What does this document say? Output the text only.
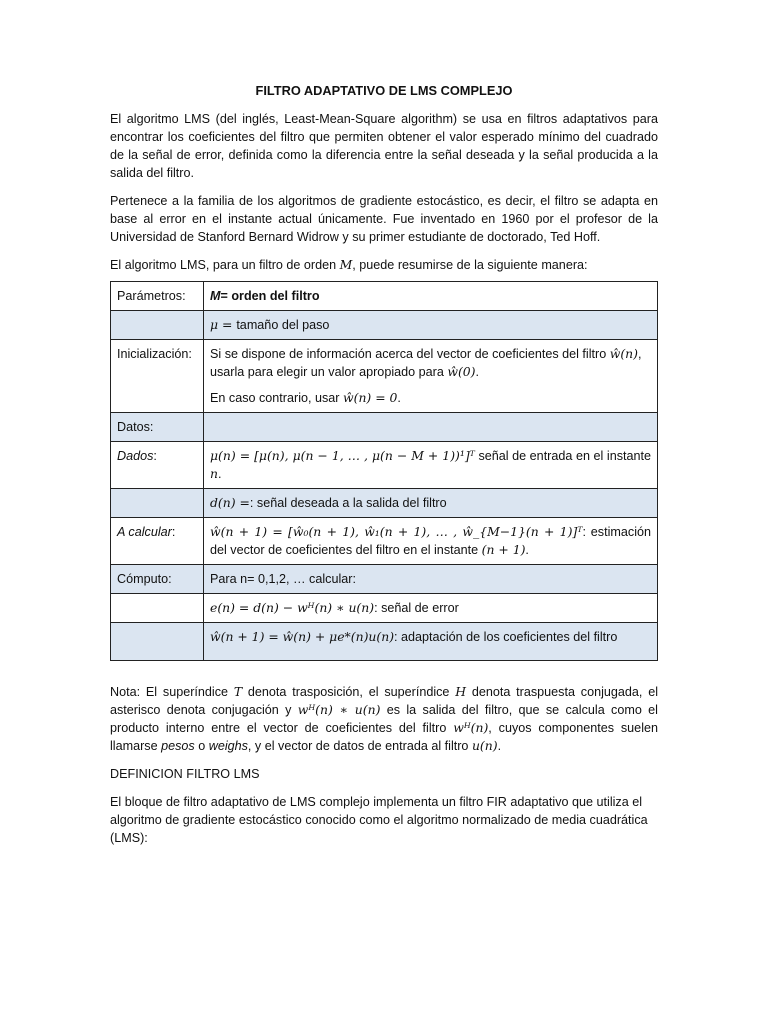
FILTRO ADAPTATIVO DE LMS COMPLEJO

El algoritmo LMS (del inglés, Least-Mean-Square algorithm) se usa en filtros adaptativos para encontrar los coeficientes del filtro que permiten obtener el valor esperado mínimo del cuadrado de la señal de error, definida como la diferencia entre la señal deseada y la señal producida a la salida del filtro.

Pertenece a la familia de los algoritmos de gradiente estocástico, es decir, el filtro se adapta en base al error en el instante actual únicamente. Fue inventado en 1960 por el profesor de la Universidad de Stanford Bernard Widrow y su primer estudiante de doctorado, Ted Hoff.

El algoritmo LMS, para un filtro de orden M, puede resumirse de la siguiente manera:

Parámetros:	M= orden del filtro
	μ = tamaño del paso
Inicialización:	Si se dispone de información acerca del vector de coeficientes del filtro ŵ(n), usarla para elegir un valor apropiado para ŵ(0).
En caso contrario, usar ŵ(n) = 0.

Datos:	
Dados:	μ(n) = [μ(n), μ(n − 1, … , μ(n − M + 1))¹]ᵀ señal de entrada en el instante n.
	d(n) =: señal deseada a la salida del filtro
A calcular:	ŵ(n + 1) = [ŵ₀(n + 1), ŵ₁(n + 1), … , ŵ_{M−1}(n + 1)]ᵀ: estimación del vector de coeficientes del filtro en el instante (n + 1).
Cómputo:	Para n= 0,1,2, … calcular:
	e(n) = d(n) − wᴴ(n) ∗ u(n): señal de error
	ŵ(n + 1) = ŵ(n) + μe*(n)u(n): adaptación de los coeficientes del filtro

Nota: El superíndice T denota trasposición, el superíndice H denota traspuesta conjugada, el asterisco denota conjugación y wᴴ(n) ∗ u(n) es la salida del filtro, que se calcula como el producto interno entre el vector de coeficientes del filtro wᴴ(n), cuyos componentes suelen llamarse pesos o weighs, y el vector de datos de entrada al filtro u(n).

DEFINICION FILTRO LMS

El bloque de filtro adaptativo de LMS complejo implementa un filtro FIR adaptativo que utiliza el algoritmo de gradiente estocástico conocido como el algoritmo normalizado de media cuadrática (LMS):
